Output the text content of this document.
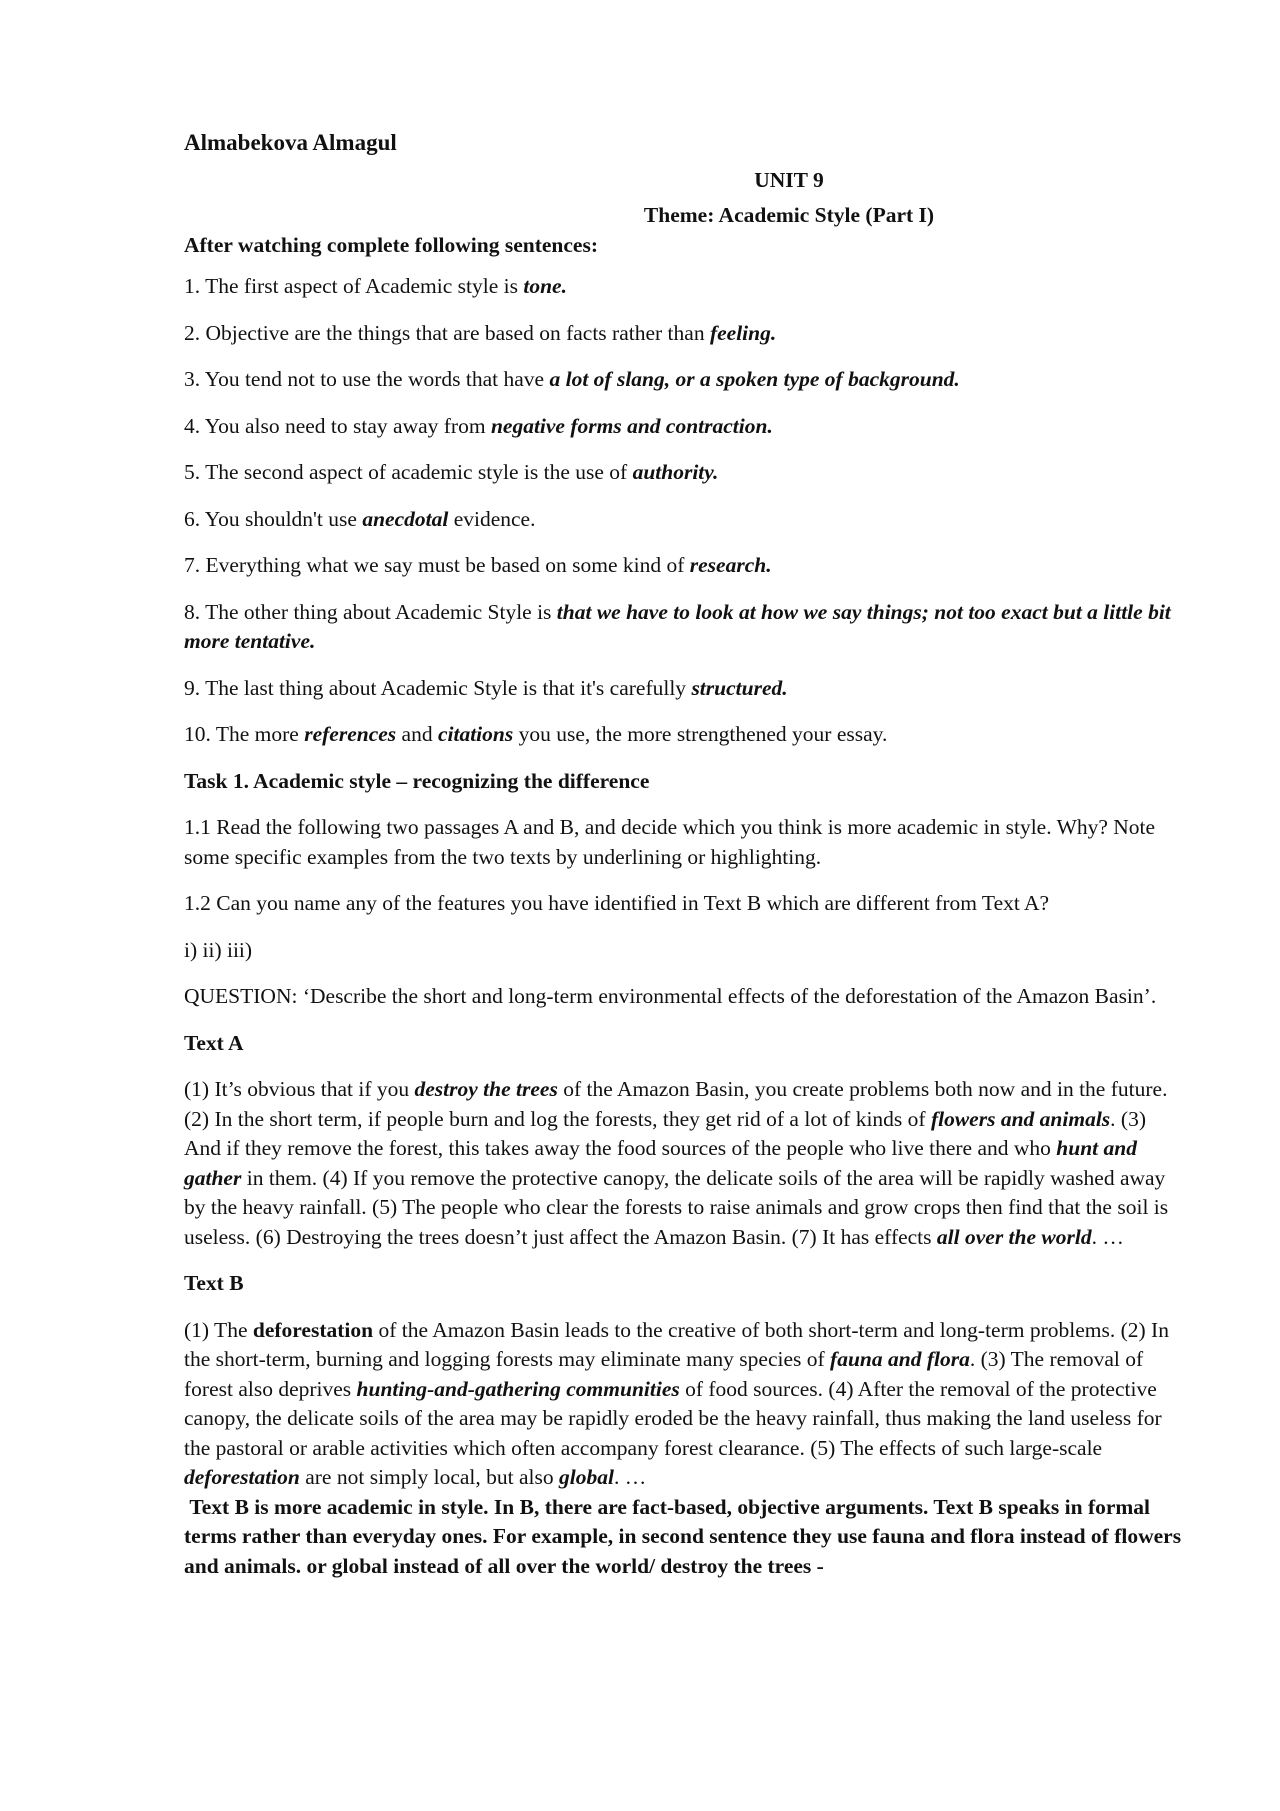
Almabekova Almagul
UNIT 9
Theme: Academic Style (Part I)
After watching complete following sentences:

1. The first aspect of Academic style is tone.

2. Objective are the things that are based on facts rather than feeling.

3. You tend not to use the words that have a lot of slang, or a spoken type of background.

4. You also need to stay away from negative forms and contraction.

5. The second aspect of academic style is the use of authority.

6. You shouldn't use anecdotal evidence.

7. Everything what we say must be based on some kind of research.

8. The other thing about Academic Style is that we have to look at how we say things; not too exact but a little bit more tentative.

9. The last thing about Academic Style is that it's carefully structured.

10. The more references and citations you use, the more strengthened your essay.

Task 1. Academic style – recognizing the difference

1.1 Read the following two passages A and B, and decide which you think is more academic in style. Why? Note some specific examples from the two texts by underlining or highlighting.

1.2 Can you name any of the features you have identified in Text B which are different from Text A?

i) ii) iii)

QUESTION: ‘Describe the short and long-term environmental effects of the deforestation of the Amazon Basin’.

Text A

(1) It’s obvious that if you destroy the trees of the Amazon Basin, you create problems both now and in the future. (2) In the short term, if people burn and log the forests, they get rid of a lot of kinds of flowers and animals. (3) And if they remove the forest, this takes away the food sources of the people who live there and who hunt and gather in them. (4) If you remove the protective canopy, the delicate soils of the area will be rapidly washed away by the heavy rainfall. (5) The people who clear the forests to raise animals and grow crops then find that the soil is useless. (6) Destroying the trees doesn’t just affect the Amazon Basin. (7) It has effects all over the world. …

Text B

(1) The deforestation of the Amazon Basin leads to the creative of both short-term and long-term problems. (2) In the short-term, burning and logging forests may eliminate many species of fauna and flora. (3) The removal of forest also deprives hunting-and-gathering communities of food sources. (4) After the removal of the protective canopy, the delicate soils of the area may be rapidly eroded be the heavy rainfall, thus making the land useless for the pastoral or arable activities which often accompany forest clearance. (5) The effects of such large-scale deforestation are not simply local, but also global. …

Text B is more academic in style. In B, there are fact-based, objective arguments. Text B speaks in formal terms rather than everyday ones. For example, in second sentence they use fauna and flora instead of flowers and animals. or global instead of all over the world/ destroy the trees -
